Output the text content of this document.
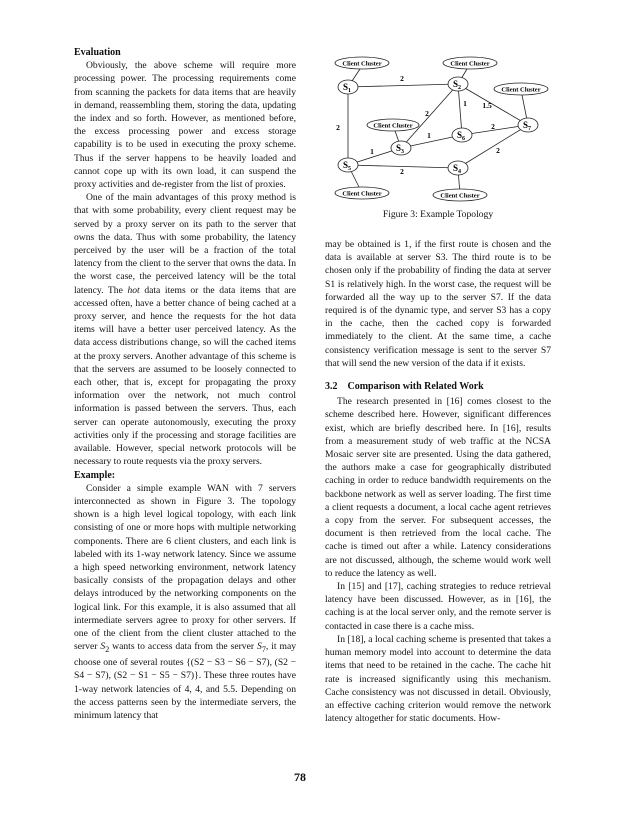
Evaluation

Obviously, the above scheme will require more processing power. The processing requirements come from scanning the packets for data items that are heavily in demand, reassembling them, storing the data, updating the index and so forth. However, as mentioned before, the excess processing power and excess storage capability is to be used in executing the proxy scheme. Thus if the server happens to be heavily loaded and cannot cope up with its own load, it can suspend the proxy activities and de-register from the list of proxies.

One of the main advantages of this proxy method is that with some probability, every client request may be served by a proxy server on its path to the server that owns the data. Thus with some probability, the latency perceived by the user will be a fraction of the total latency from the client to the server that owns the data. In the worst case, the perceived latency will be the total latency. The hot data items or the data items that are accessed often, have a better chance of being cached at a proxy server, and hence the requests for the hot data items will have a better user perceived latency. As the data access distributions change, so will the cached items at the proxy servers. Another advantage of this scheme is that the servers are assumed to be loosely connected to each other, that is, except for propagating the proxy information over the network, not much control information is passed between the servers. Thus, each server can operate autonomously, executing the proxy activities only if the processing and storage facilities are available. However, special network protocols will be necessary to route requests via the proxy servers.

Example:

Consider a simple example WAN with 7 servers interconnected as shown in Figure 3. The topology shown is a high level logical topology, with each link consisting of one or more hops with multiple networking components. There are 6 client clusters, and each link is labeled with its 1-way network latency. Since we assume a high speed networking environment, network latency basically consists of the propagation delays and other delays introduced by the networking components on the logical link. For this example, it is also assumed that all intermediate servers agree to proxy for other servers. If one of the client from the client cluster attached to the server $S_2$ wants to access data from the server $S_7$, it may choose one of several routes {(S2 − S3 − S6 − S7), (S2 − S4 − S7), (S2 − S1 − S5 − S7)}. These three routes have 1-way network latencies of 4, 4, and 5.5. Depending on the access patterns seen by the intermediate servers, the minimum latency that

Client Cluster	Client Cluster
Client Cluster
Client Cluster
Client Cluster	Client Cluster
$S_1$
$S_2$
$S_3$
$S_4$
$S_5$
$S_6$
$S_7$
2
2
1 1.5
2
1
2
1
2
2
Figure 3: Example Topology

may be obtained is 1, if the first route is chosen and the data is available at server S3. The third route is to be chosen only if the probability of finding the data at server S1 is relatively high. In the worst case, the request will be forwarded all the way up to the server S7. If the data required is of the dynamic type, and server S3 has a copy in the cache, then the cached copy is forwarded immediately to the client. At the same time, a cache consistency verification message is sent to the server S7 that will send the new version of the data if it exists.

3.2 Comparison with Related Work

The research presented in [16] comes closest to the scheme described here. However, significant differences exist, which are briefly described here. In [16], results from a measurement study of web traffic at the NCSA Mosaic server site are presented. Using the data gathered, the authors make a case for geographically distributed caching in order to reduce bandwidth requirements on the backbone network as well as server loading. The first time a client requests a document, a local cache agent retrieves a copy from the server. For subsequent accesses, the document is then retrieved from the local cache. The cache is timed out after a while. Latency considerations are not discussed, although, the scheme would work well to reduce the latency as well.

In [15] and [17], caching strategies to reduce retrieval latency have been discussed. However, as in [16], the caching is at the local server only, and the remote server is contacted in case there is a cache miss.

In [18], a local caching scheme is presented that takes a human memory model into account to determine the data items that need to be retained in the cache. The cache hit rate is increased significantly using this mechanism. Cache consistency was not discussed in detail. Obviously, an effective caching criterion would remove the network latency altogether for static documents. How-

78
